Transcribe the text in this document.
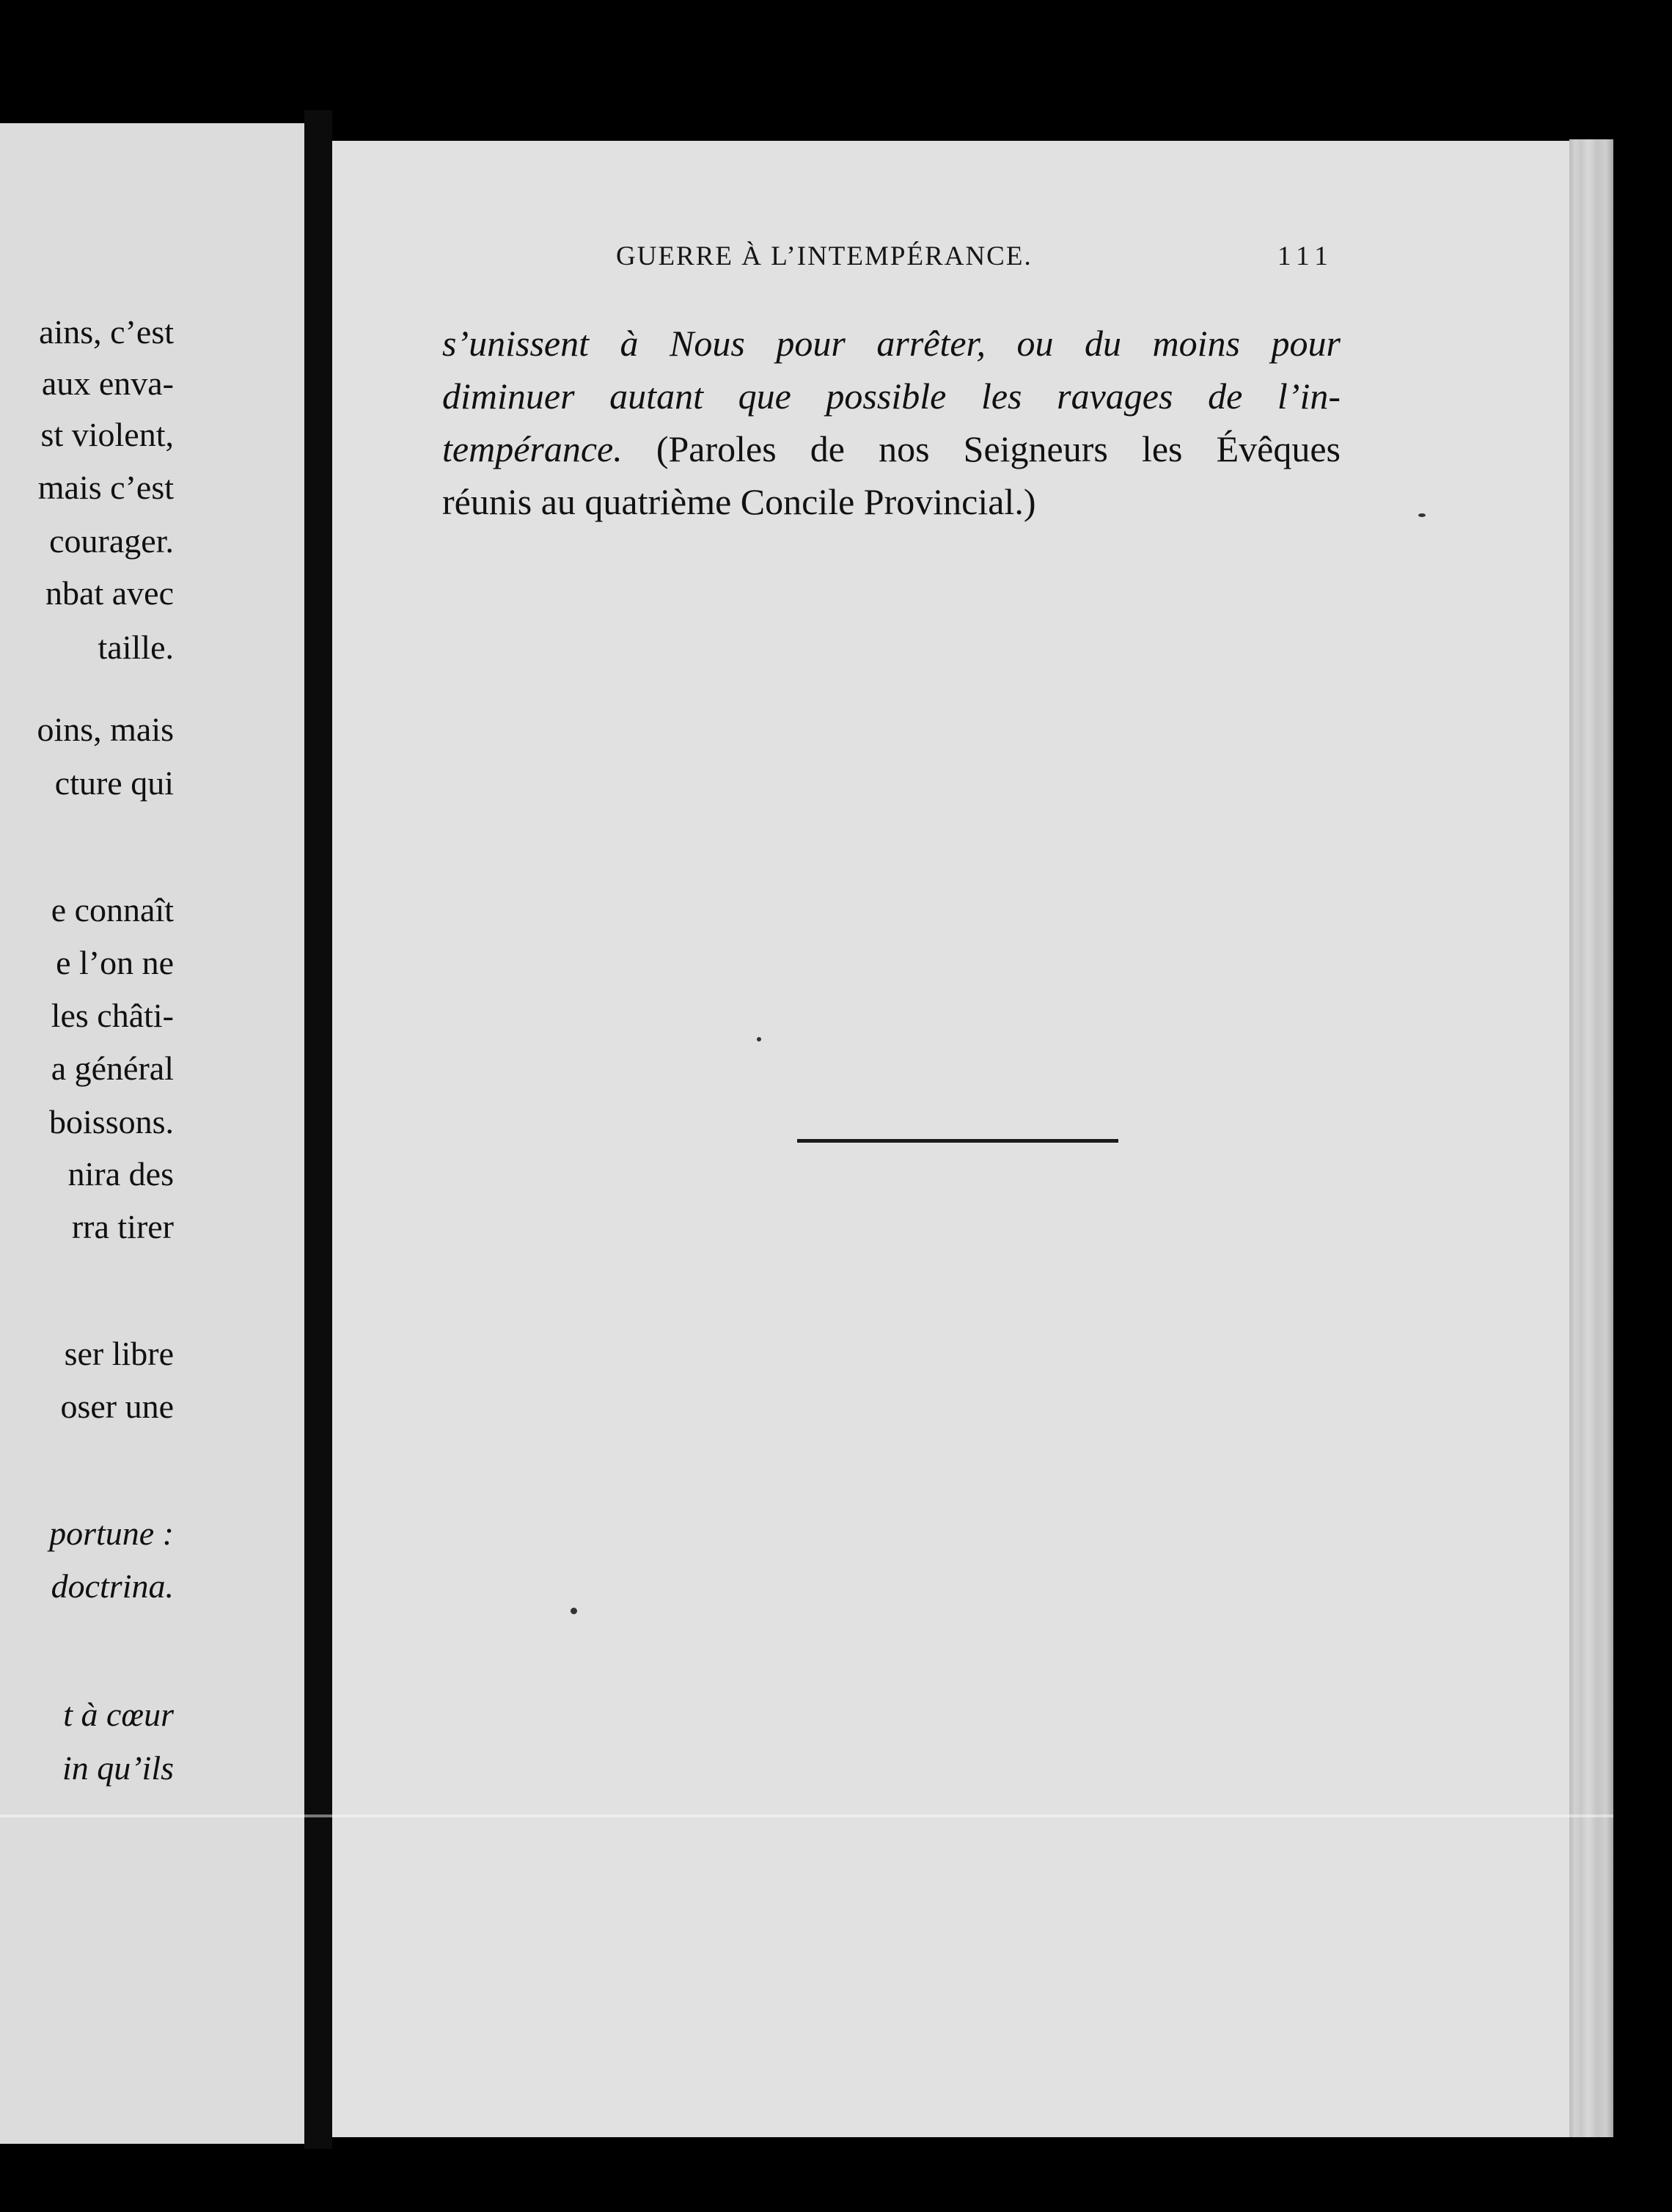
ains, c’est
aux enva-
st violent,
mais c’est
courager.
nbat avec
taille.
oins, mais
cture qui
e connaît
e l’on ne
les châti-
a général
boissons.
nira des
rra tirer
ser libre
oser une
portune :
doctrina.
t à cœur
in qu’ils
GUERRE À L’INTEMPÉRANCE.	111
s’unissent à Nous pour arrêter, ou du moins pour
diminuer autant que possible les ravages de l’in-
tempérance. (Paroles de nos Seigneurs les Évêques
réunis au quatrième Concile Provincial.)
